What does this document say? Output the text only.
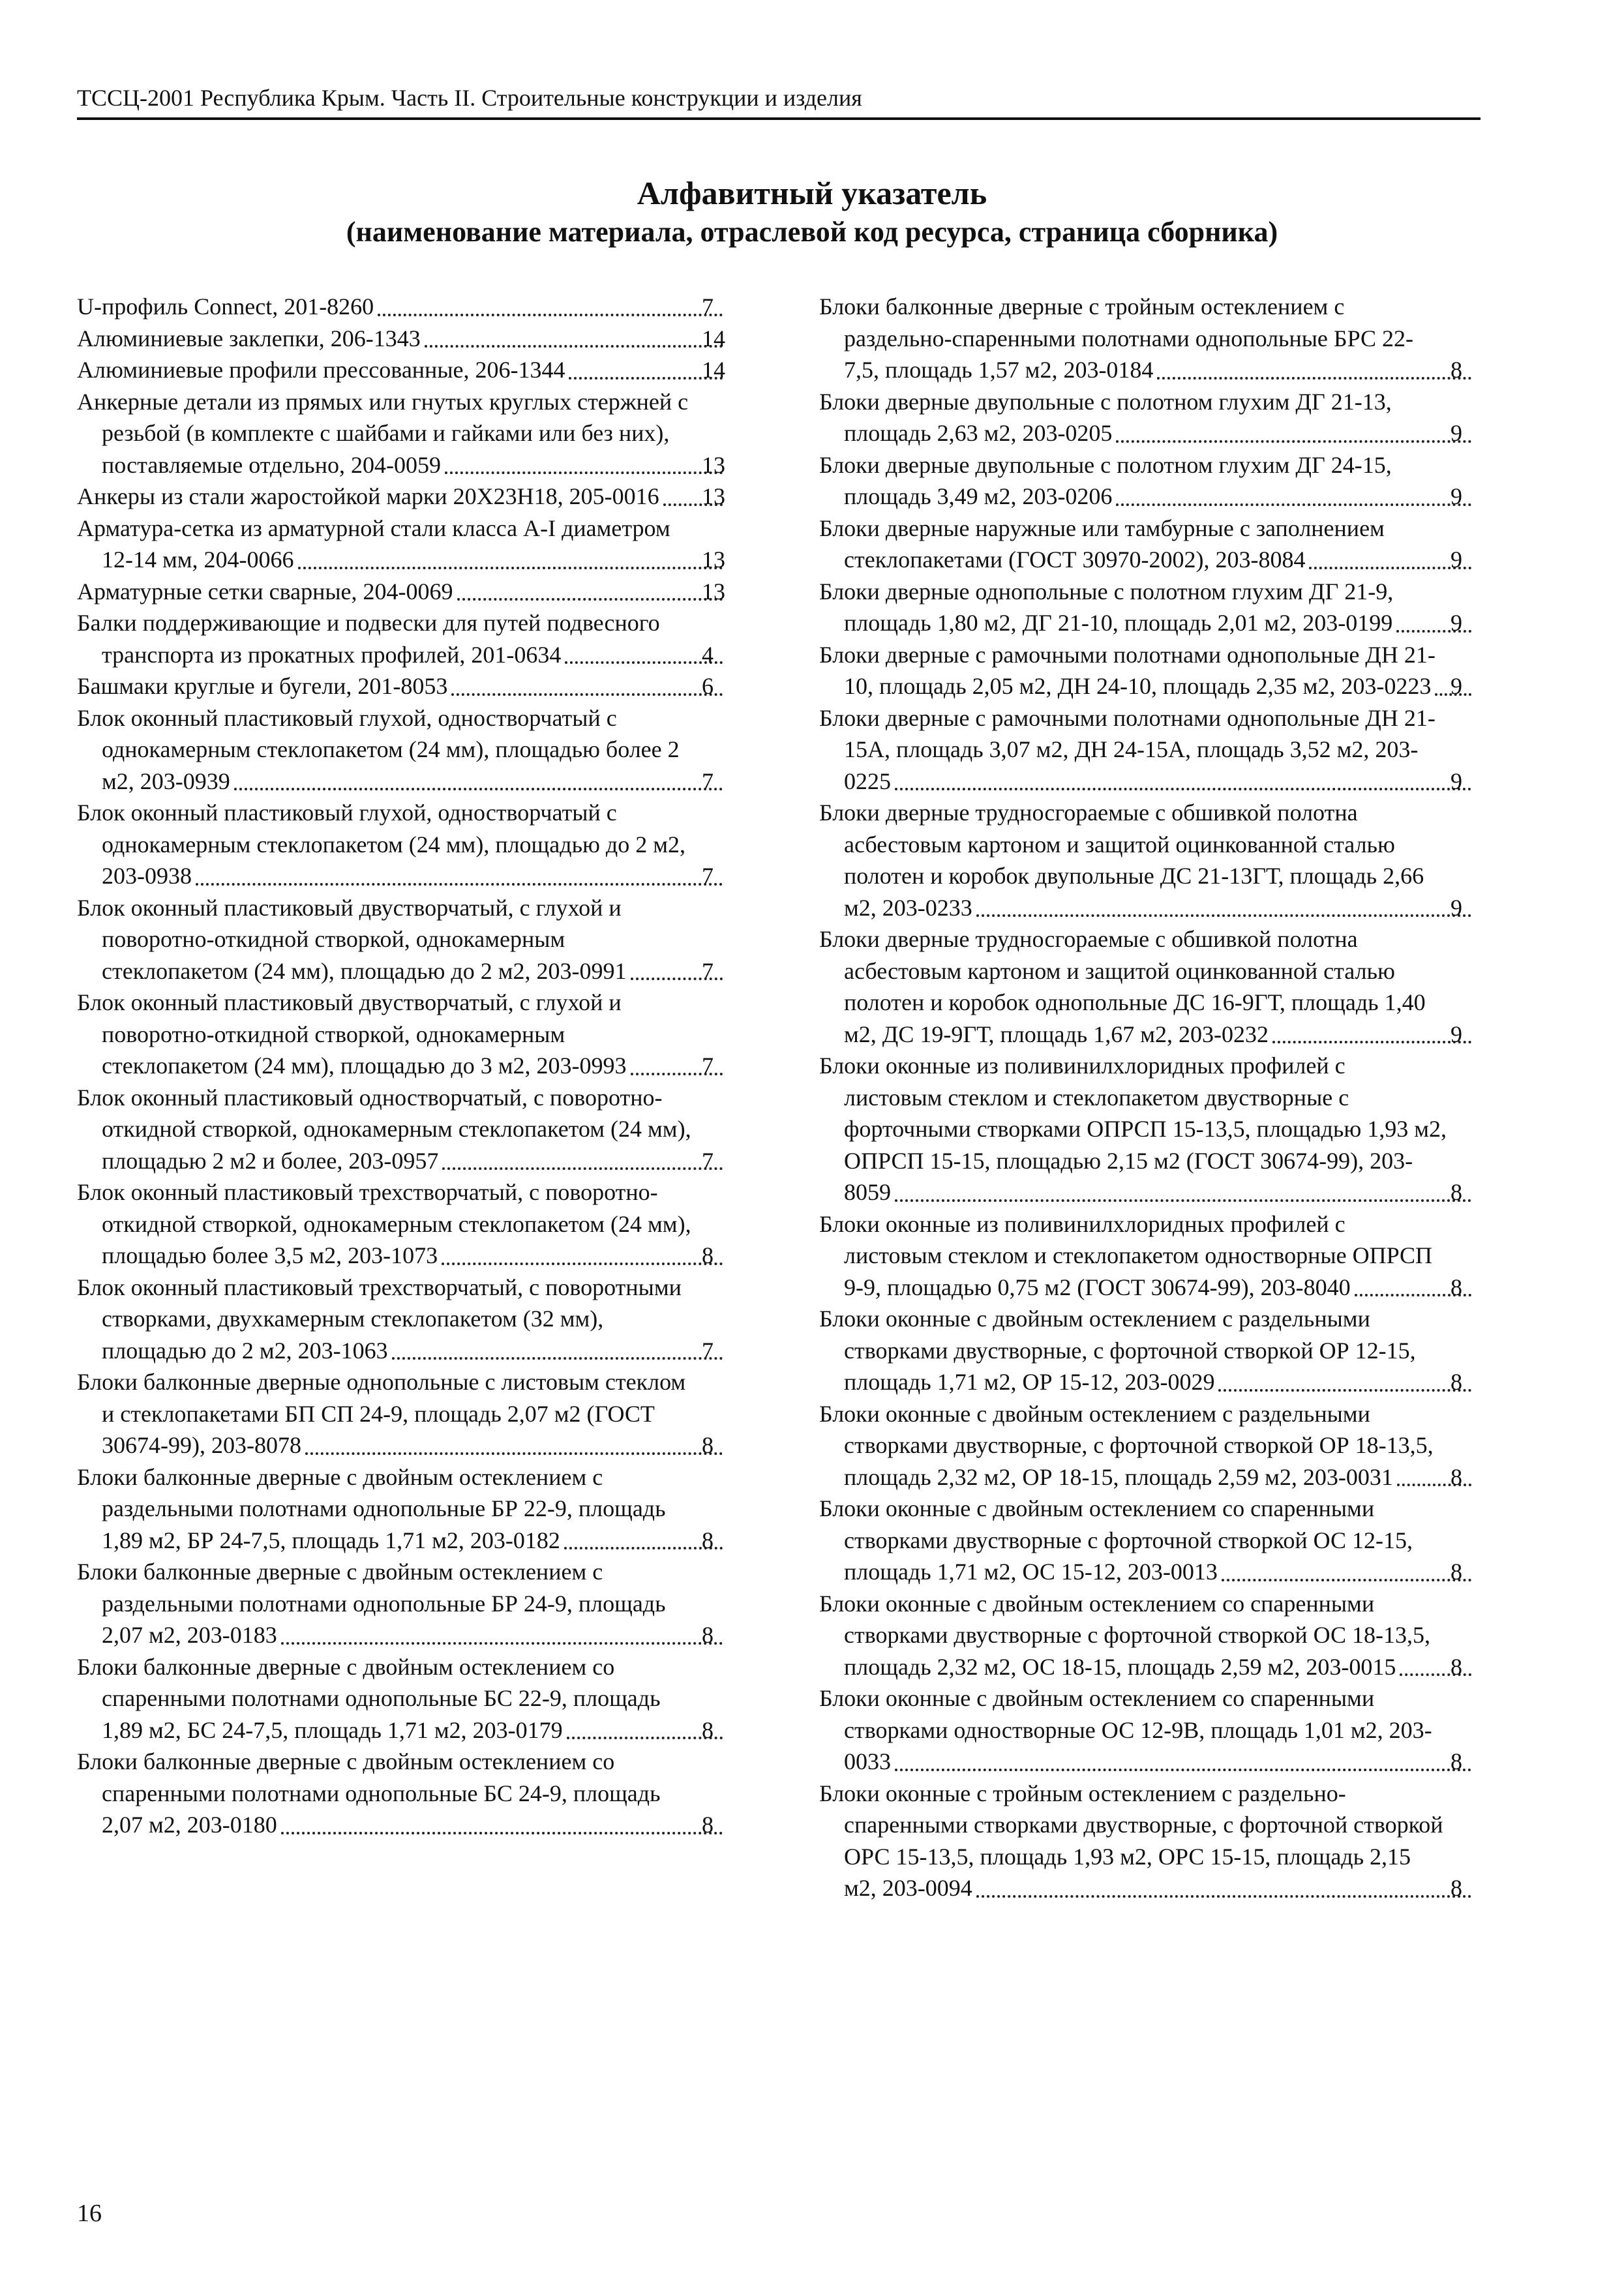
ТССЦ-2001 Республика Крым. Часть II. Строительные конструкции и изделия
Алфавитный указатель
(наименование материала, отраслевой код ресурса, страница сборника)
U-профиль Connect, 201-8260	7
Алюминиевые заклепки, 206-1343	14
Алюминиевые профили прессованные, 206-1344	14
Анкерные детали из прямых или гнутых круглых стержней с резьбой (в комплекте с шайбами и гайками или без них), поставляемые отдельно, 204-0059	13
Анкеры из стали жаростойкой марки 20Х23Н18, 205-0016 13
Арматура-сетка из арматурной стали класса A-I диаметром 12-14 мм, 204-0066	13
Арматурные сетки сварные, 204-0069	13
Балки поддерживающие и подвески для путей подвесного транспорта из прокатных профилей, 201-0634	4
Башмаки круглые и бугели, 201-8053	6
Блок оконный пластиковый глухой, одностворчатый с однокамерным стеклопакетом (24 мм), площадью более 2 м2, 203-0939	7
Блок оконный пластиковый глухой, одностворчатый с однокамерным стеклопакетом (24 мм), площадью до 2 м2, 203-0938	7
Блок оконный пластиковый двустворчатый, с глухой и поворотно-откидной створкой, однокамерным стеклопакетом (24 мм), площадью до 2 м2, 203-0991	7
Блок оконный пластиковый двустворчатый, с глухой и поворотно-откидной створкой, однокамерным стеклопакетом (24 мм), площадью до 3 м2, 203-0993	7
Блок оконный пластиковый одностворчатый, с поворотно-откидной створкой, однокамерным стеклопакетом (24 мм), площадью 2 м2 и более, 203-0957	7
Блок оконный пластиковый трехстворчатый, с поворотно-откидной створкой, однокамерным стеклопакетом (24 мм), площадью более 3,5 м2, 203-1073	8
Блок оконный пластиковый трехстворчатый, с поворотными створками, двухкамерным стеклопакетом (32 мм), площадью до 2 м2, 203-1063	7
Блоки балконные дверные однопольные с листовым стеклом и стеклопакетами БП СП 24-9, площадь 2,07 м2 (ГОСТ 30674-99), 203-8078	8
Блоки балконные дверные с двойным остеклением с раздельными полотнами однопольные БР 22-9, площадь 1,89 м2, БР 24-7,5, площадь 1,71 м2, 203-0182	8
Блоки балконные дверные с двойным остеклением с раздельными полотнами однопольные БР 24-9, площадь 2,07 м2, 203-0183	8
Блоки балконные дверные с двойным остеклением со спаренными полотнами однопольные БС 22-9, площадь 1,89 м2, БС 24-7,5, площадь 1,71 м2, 203-0179	8
Блоки балконные дверные с двойным остеклением со спаренными полотнами однопольные БС 24-9, площадь 2,07 м2, 203-0180	8
Блоки балконные дверные с тройным остеклением с раздельно-спаренными полотнами однопольные БРС 22-7,5, площадь 1,57 м2, 203-0184	8
Блоки дверные двупольные с полотном глухим ДГ 21-13, площадь 2,63 м2, 203-0205	9
Блоки дверные двупольные с полотном глухим ДГ 24-15, площадь 3,49 м2, 203-0206	9
Блоки дверные наружные или тамбурные с заполнением стеклопакетами (ГОСТ 30970-2002), 203-8084	9
Блоки дверные однопольные с полотном глухим ДГ 21-9, площадь 1,80 м2, ДГ 21-10, площадь 2,01 м2, 203-0199 9
Блоки дверные с рамочными полотнами однопольные ДН 21-10, площадь 2,05 м2, ДН 24-10, площадь 2,35 м2, 203-0223 9
Блоки дверные с рамочными полотнами однопольные ДН 21-15А, площадь 3,07 м2, ДН 24-15А, площадь 3,52 м2, 203-0225	9
Блоки дверные трудносгораемые с обшивкой полотна асбестовым картоном и защитой оцинкованной сталью полотен и коробок двупольные ДС 21-13ГТ, площадь 2,66 м2, 203-0233	9
Блоки дверные трудносгораемые с обшивкой полотна асбестовым картоном и защитой оцинкованной сталью полотен и коробок однопольные ДС 16-9ГТ, площадь 1,40 м2, ДС 19-9ГТ, площадь 1,67 м2, 203-0232	9
Блоки оконные из поливинилхлоридных профилей с листовым стеклом и стеклопакетом двустворные с форточными створками ОПРСП 15-13,5, площадью 1,93 м2, ОПРСП 15-15, площадью 2,15 м2 (ГОСТ 30674-99), 203-8059	8
Блоки оконные из поливинилхлоридных профилей с листовым стеклом и стеклопакетом одностворные ОПРСП 9-9, площадью 0,75 м2 (ГОСТ 30674-99), 203-8040	8
Блоки оконные с двойным остеклением с раздельными створками двустворные, с форточной створкой ОР 12-15, площадь 1,71 м2, ОР 15-12, 203-0029	8
Блоки оконные с двойным остеклением с раздельными створками двустворные, с форточной створкой ОР 18-13,5, площадь 2,32 м2, ОР 18-15, площадь 2,59 м2, 203-0031 8
Блоки оконные с двойным остеклением со спаренными створками двустворные с форточной створкой ОС 12-15, площадь 1,71 м2, ОС 15-12, 203-0013	8
Блоки оконные с двойным остеклением со спаренными створками двустворные с форточной створкой ОС 18-13,5, площадь 2,32 м2, ОС 18-15, площадь 2,59 м2, 203-0015 8
Блоки оконные с двойным остеклением со спаренными створками одностворные ОС 12-9В, площадь 1,01 м2, 203-0033	8
Блоки оконные с тройным остеклением с раздельно-спаренными створками двустворные, с форточной створкой ОРС 15-13,5, площадь 1,93 м2, ОРС 15-15, площадь 2,15 м2, 203-0094	8
16
